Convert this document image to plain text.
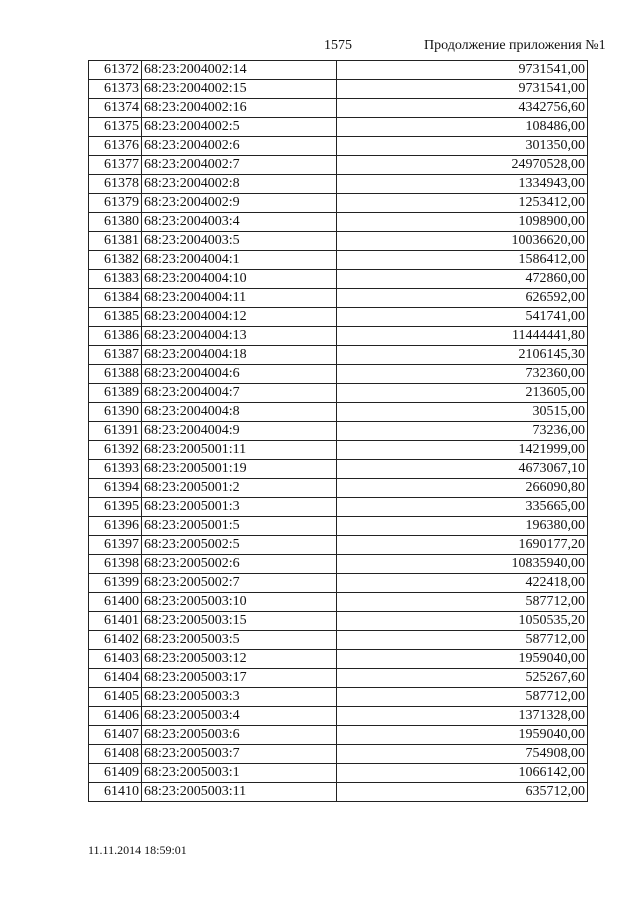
1575	Продолжение приложения №1
61372	68:23:2004002:14	9731541,00
61373	68:23:2004002:15	9731541,00
61374	68:23:2004002:16	4342756,60
61375	68:23:2004002:5	108486,00
61376	68:23:2004002:6	301350,00
61377	68:23:2004002:7	24970528,00
61378	68:23:2004002:8	1334943,00
61379	68:23:2004002:9	1253412,00
61380	68:23:2004003:4	1098900,00
61381	68:23:2004003:5	10036620,00
61382	68:23:2004004:1	1586412,00
61383	68:23:2004004:10	472860,00
61384	68:23:2004004:11	626592,00
61385	68:23:2004004:12	541741,00
61386	68:23:2004004:13	11444441,80
61387	68:23:2004004:18	2106145,30
61388	68:23:2004004:6	732360,00
61389	68:23:2004004:7	213605,00
61390	68:23:2004004:8	30515,00
61391	68:23:2004004:9	73236,00
61392	68:23:2005001:11	1421999,00
61393	68:23:2005001:19	4673067,10
61394	68:23:2005001:2	266090,80
61395	68:23:2005001:3	335665,00
61396	68:23:2005001:5	196380,00
61397	68:23:2005002:5	1690177,20
61398	68:23:2005002:6	10835940,00
61399	68:23:2005002:7	422418,00
61400	68:23:2005003:10	587712,00
61401	68:23:2005003:15	1050535,20
61402	68:23:2005003:5	587712,00
61403	68:23:2005003:12	1959040,00
61404	68:23:2005003:17	525267,60
61405	68:23:2005003:3	587712,00
61406	68:23:2005003:4	1371328,00
61407	68:23:2005003:6	1959040,00
61408	68:23:2005003:7	754908,00
61409	68:23:2005003:1	1066142,00
61410	68:23:2005003:11	635712,00
11.11.2014 18:59:01
